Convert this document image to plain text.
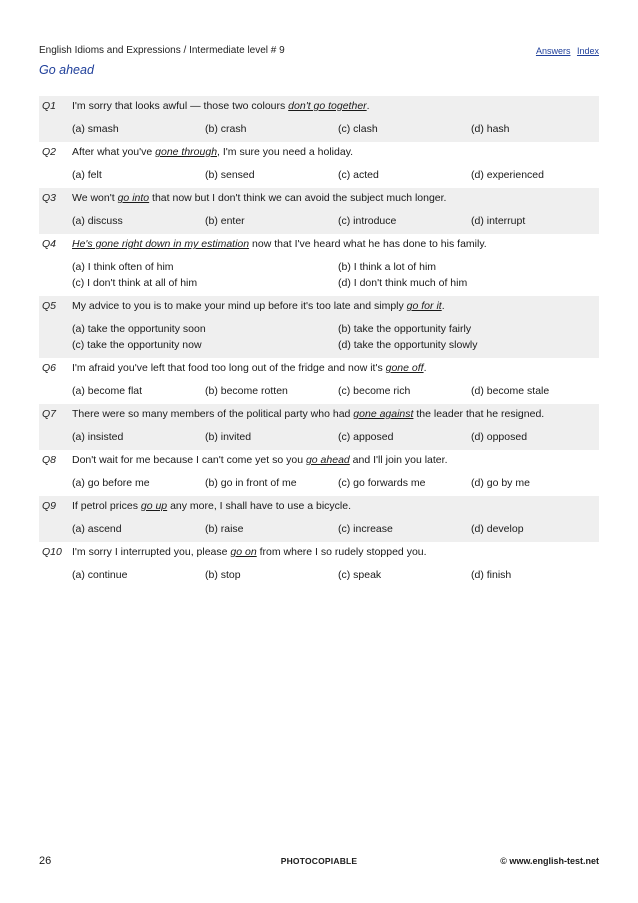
English Idioms and Expressions / Intermediate level # 9	Answers Index
Go ahead
Q1	I'm sorry that looks awful — those two colours don't go together.
(a) smash	(b) crash	(c) clash	(d) hash
Q2	After what you've gone through, I'm sure you need a holiday.
(a) felt	(b) sensed	(c) acted	(d) experienced
Q3	We won't go into that now but I don't think we can avoid the subject much longer.
(a) discuss	(b) enter	(c) introduce	(d) interrupt
Q4	He's gone right down in my estimation now that I've heard what he has done to his family.
(a) I think often of him	(b) I think a lot of him
(c) I don't think at all of him	(d) I don't think much of him
Q5	My advice to you is to make your mind up before it's too late and simply go for it.
(a) take the opportunity soon	(b) take the opportunity fairly
(c) take the opportunity now	(d) take the opportunity slowly
Q6	I'm afraid you've left that food too long out of the fridge and now it's gone off.
(a) become flat	(b) become rotten	(c) become rich	(d) become stale
Q7	There were so many members of the political party who had gone against the leader that he resigned.
(a) insisted	(b) invited	(c) apposed	(d) opposed
Q8	Don't wait for me because I can't come yet so you go ahead and I'll join you later.
(a) go before me	(b) go in front of me	(c) go forwards me	(d) go by me
Q9	If petrol prices go up any more, I shall have to use a bicycle.
(a) ascend	(b) raise	(c) increase	(d) develop
Q10 I'm sorry I interrupted you, please go on from where I so rudely stopped you.
(a) continue	(b) stop	(c) speak	(d) finish
26	PHOTOCOPIABLE	© www.english-test.net
